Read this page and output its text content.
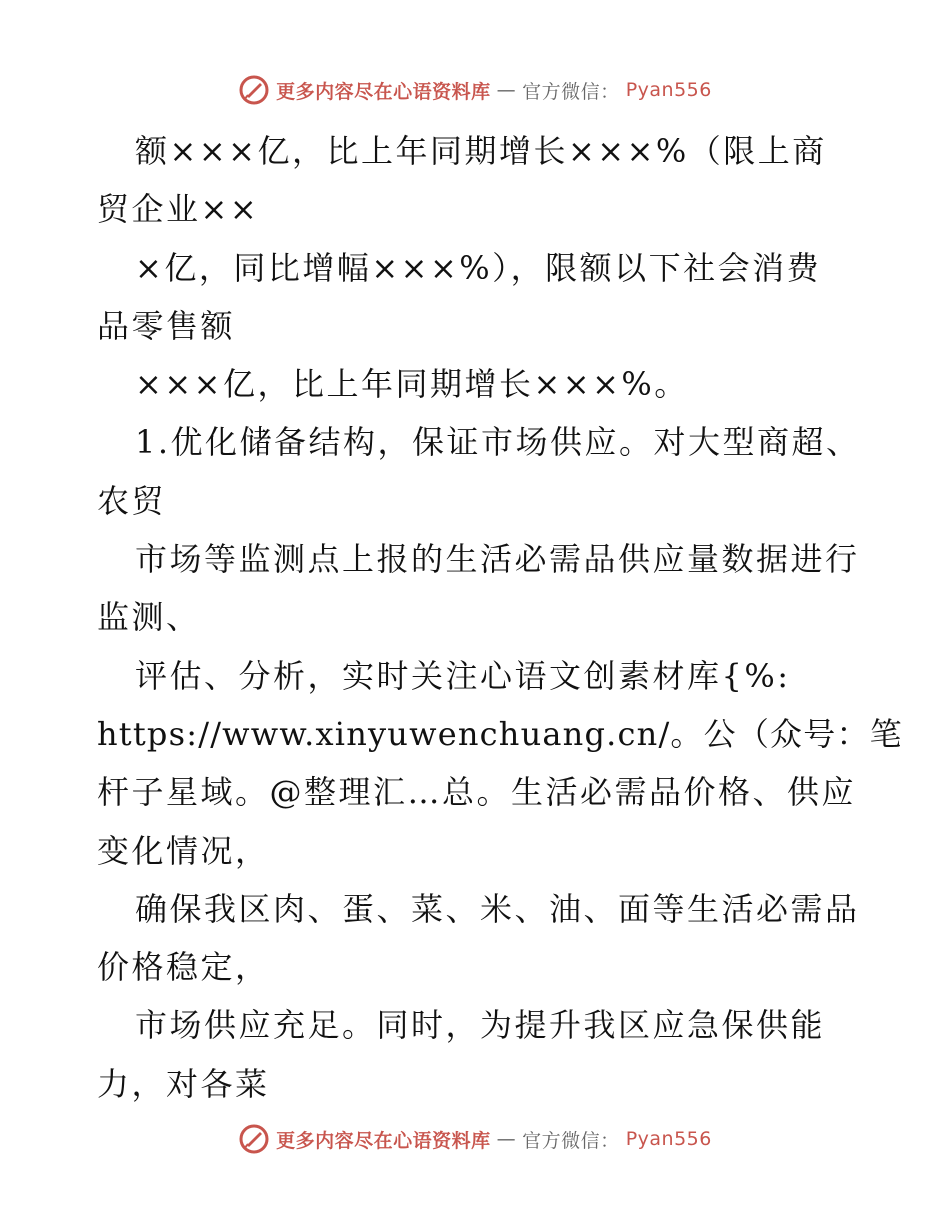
更多内容尽在心语资料库 — 官方微信： Pyan556
额×××亿，比上年同期增长×××%（限上商
贸企业××
×亿，同比增幅×××%），限额以下社会消费
品零售额
×××亿，比上年同期增长×××%。
1.优化储备结构，保证市场供应。对大型商超、
农贸
市场等监测点上报的生活必需品供应量数据进行
监测、
评估、分析，实时关注心语文创素材库{%:
https://www.xinyuwenchuang.cn/。公（众号：笔
杆子星域。@整理汇…总。生活必需品价格、供应
变化情况，
确保我区肉、蛋、菜、米、油、面等生活必需品
价格稳定，
市场供应充足。同时，为提升我区应急保供能
力，对各菜
更多内容尽在心语资料库 — 官方微信： Pyan556
